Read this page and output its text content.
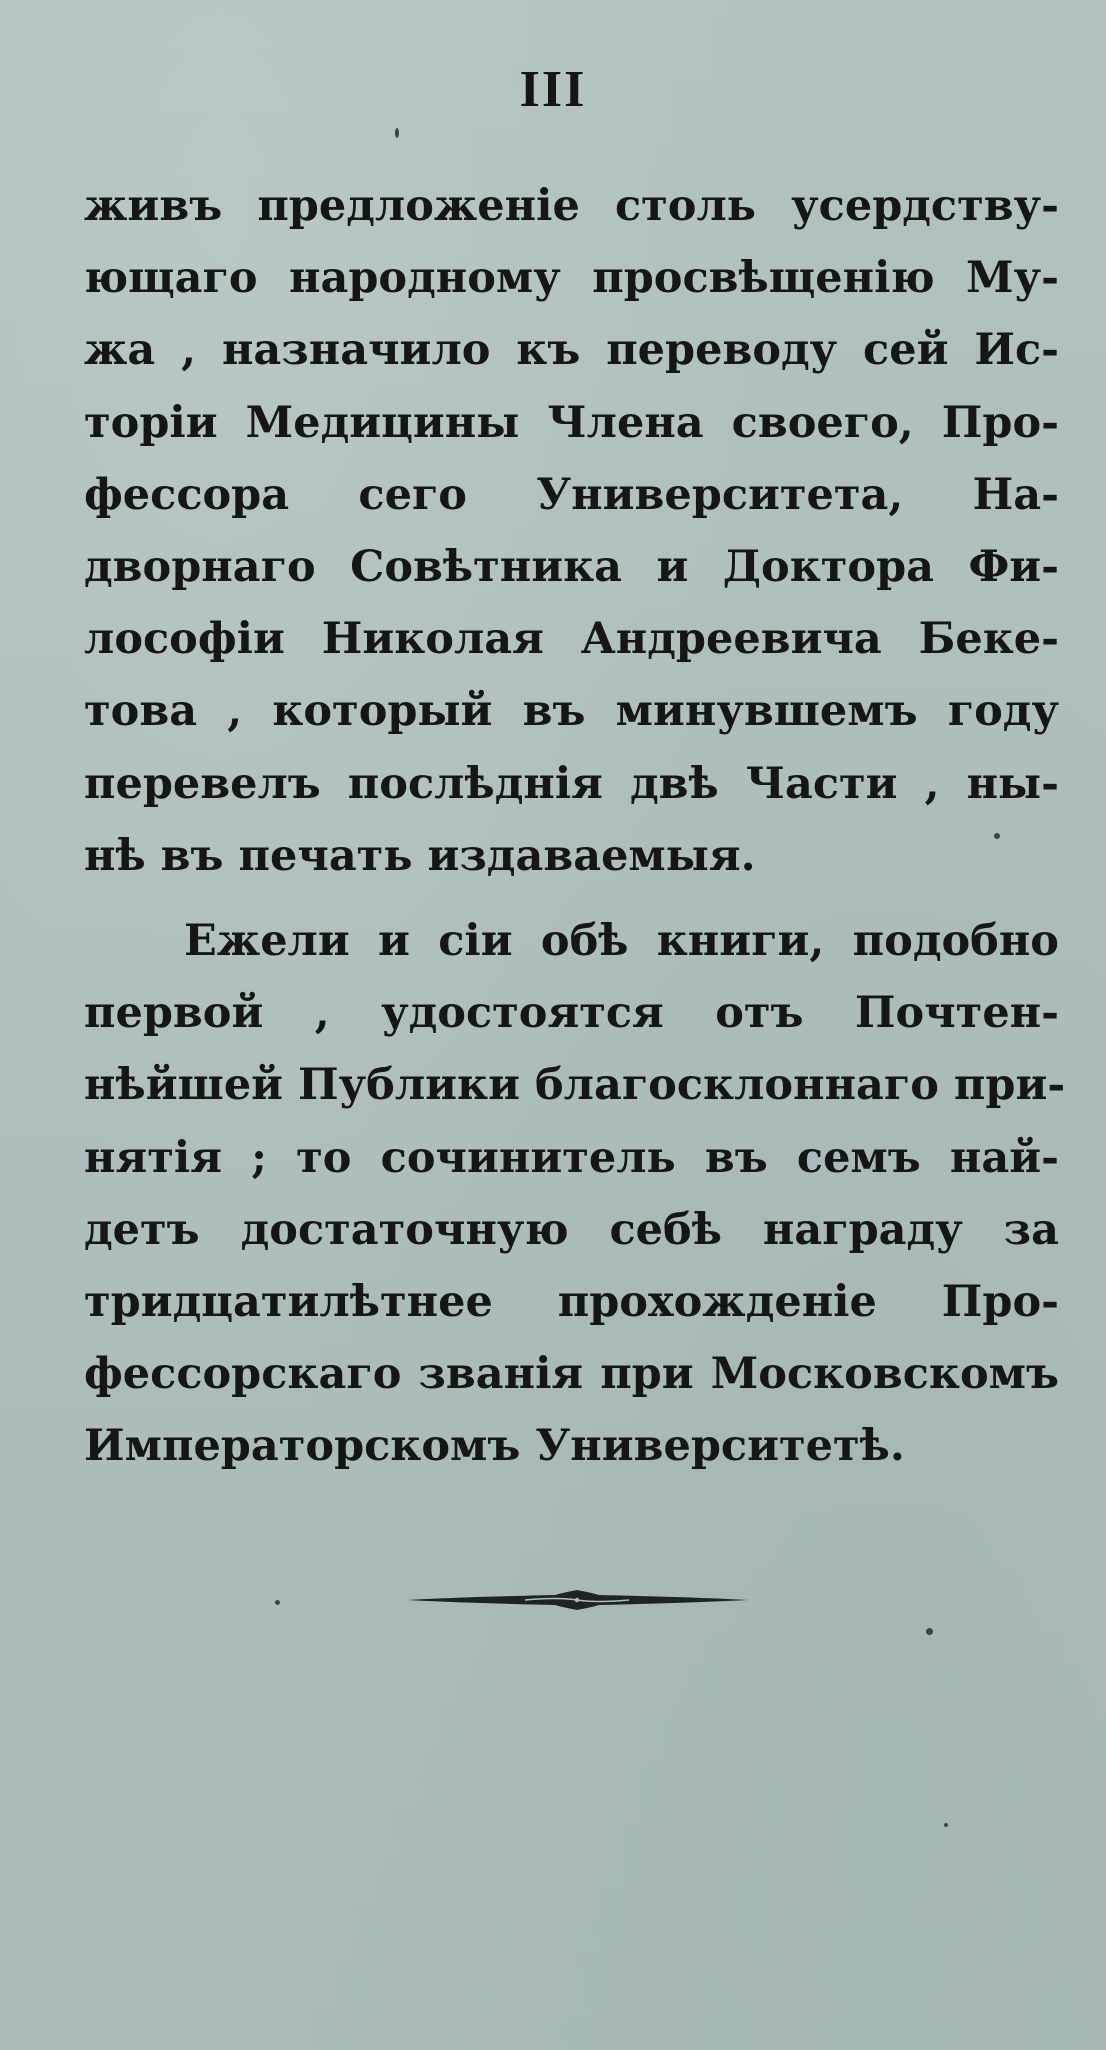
III
живъ предложеніе столь усердству-
ющаго народному просвѣщенію Му-
жа , назначило къ переводу сей Ис-
торіи Медицины Члена своего, Про-
фессора сего Университета, На-
дворнаго Совѣтника и Доктора Фи-
лософіи Николая Андреевича Беке-
това , который въ минувшемъ году
перевелъ послѣднія двѣ Части , ны-
нѣ въ печать издаваемыя.
Ежели и сіи обѣ книги, подобно
первой , удостоятся отъ Почтен-
нѣйшей Публики благосклоннаго при-
нятія ; то сочинитель въ семъ най-
детъ достаточную себѣ награду за
тридцатилѣтнее прохожденіе Про-
фессорскаго званія при Московскомъ
Императорскомъ Университетѣ.
